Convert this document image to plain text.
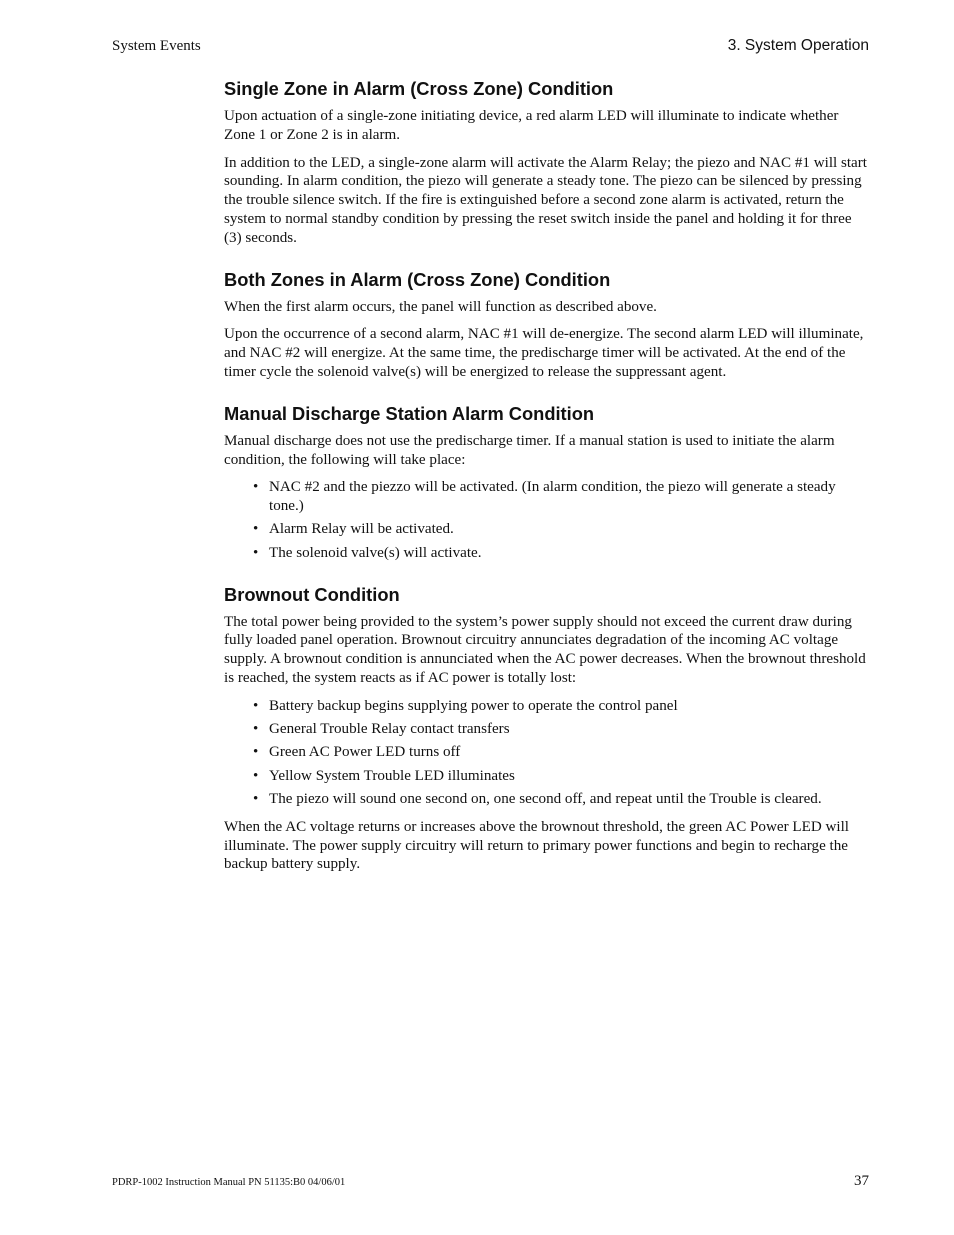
System Events	3. System Operation
Single Zone in Alarm (Cross Zone) Condition

Upon actuation of a single-zone initiating device, a red alarm LED will illuminate to indicate whether Zone 1 or Zone 2 is in alarm.

In addition to the LED, a single-zone alarm will activate the Alarm Relay; the piezo and NAC #1 will start sounding. In alarm condition, the piezo will generate a steady tone. The piezo can be silenced by pressing the trouble silence switch. If the fire is extinguished before a second zone alarm is activated, return the system to normal standby condition by pressing the reset switch inside the panel and holding it for three (3) seconds.

Both Zones in Alarm (Cross Zone) Condition

When the first alarm occurs, the panel will function as described above.

Upon the occurrence of a second alarm, NAC #1 will de-energize. The second alarm LED will illuminate, and NAC #2 will energize. At the same time, the predischarge timer will be activated. At the end of the timer cycle the solenoid valve(s) will be energized to release the suppressant agent.

Manual Discharge Station Alarm Condition

Manual discharge does not use the predischarge timer. If a manual station is used to initiate the alarm condition, the following will take place:

• NAC #2 and the piezzo will be activated. (In alarm condition, the piezo will generate a steady tone.)
• Alarm Relay will be activated.
• The solenoid valve(s) will activate.
Brownout Condition

The total power being provided to the system’s power supply should not exceed the current draw during fully loaded panel operation. Brownout circuitry annunciates degradation of the incoming AC voltage supply. A brownout condition is annunciated when the AC power decreases. When the brownout threshold is reached, the system reacts as if AC power is totally lost:

• Battery backup begins supplying power to operate the control panel
• General Trouble Relay contact transfers
• Green AC Power LED turns off
• Yellow System Trouble LED illuminates
• The piezo will sound one second on, one second off, and repeat until the Trouble is cleared.

When the AC voltage returns or increases above the brownout threshold, the green AC Power LED will illuminate. The power supply circuitry will return to primary power functions and begin to recharge the backup battery supply.

PDRP-1002 Instruction Manual PN 51135:B0 04/06/01	37
